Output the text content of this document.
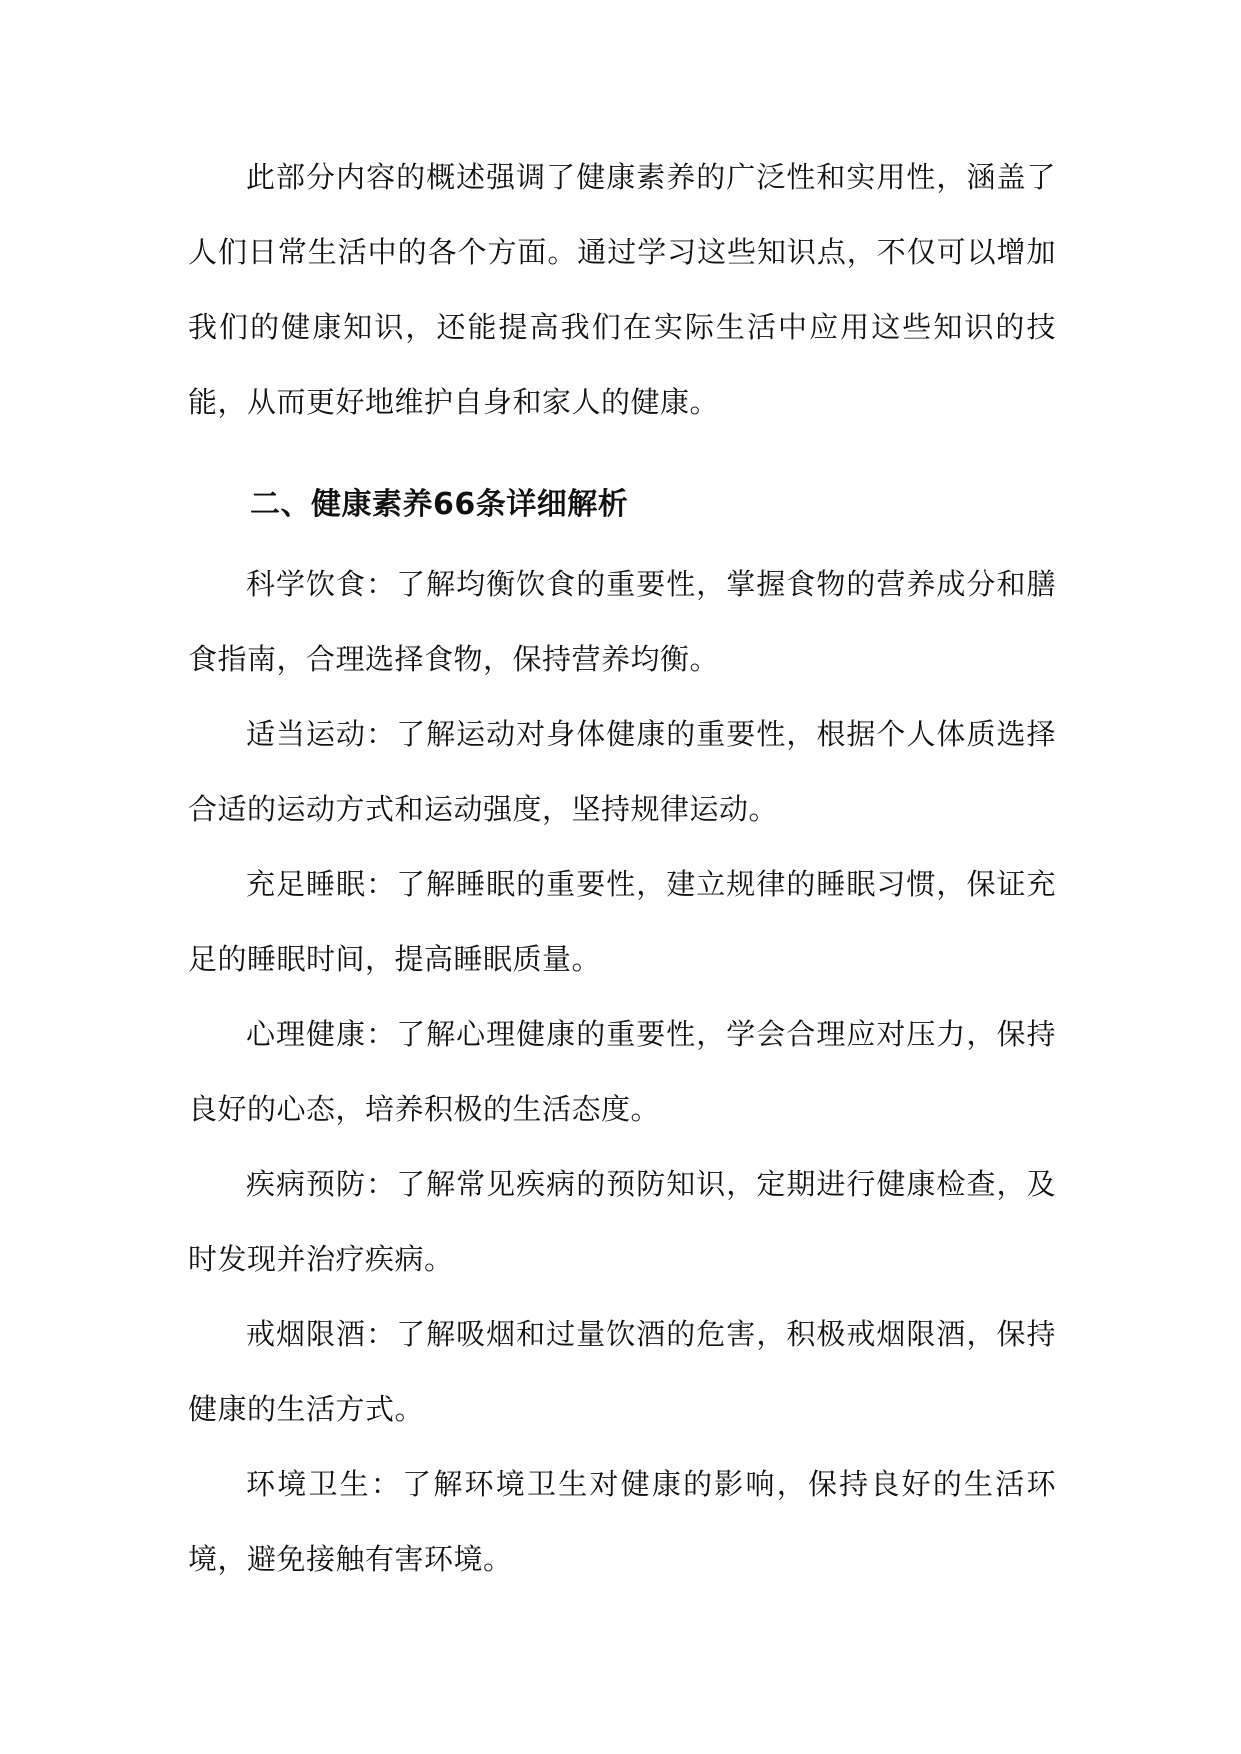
此部分内容的概述强调了健康素养的广泛性和实用性，涵盖了人们日常生活中的各个方面。通过学习这些知识点，不仅可以增加我们的健康知识，还能提高我们在实际生活中应用这些知识的技能，从而更好地维护自身和家人的健康。

二、健康素养66条详细解析

科学饮食：了解均衡饮食的重要性，掌握食物的营养成分和膳食指南，合理选择食物，保持营养均衡。

适当运动：了解运动对身体健康的重要性，根据个人体质选择合适的运动方式和运动强度，坚持规律运动。

充足睡眠：了解睡眠的重要性，建立规律的睡眠习惯，保证充足的睡眠时间，提高睡眠质量。

心理健康：了解心理健康的重要性，学会合理应对压力，保持良好的心态，培养积极的生活态度。

疾病预防：了解常见疾病的预防知识，定期进行健康检查，及时发现并治疗疾病。

戒烟限酒：了解吸烟和过量饮酒的危害，积极戒烟限酒，保持健康的生活方式。

环境卫生：了解环境卫生对健康的影响，保持良好的生活环境，避免接触有害环境。
